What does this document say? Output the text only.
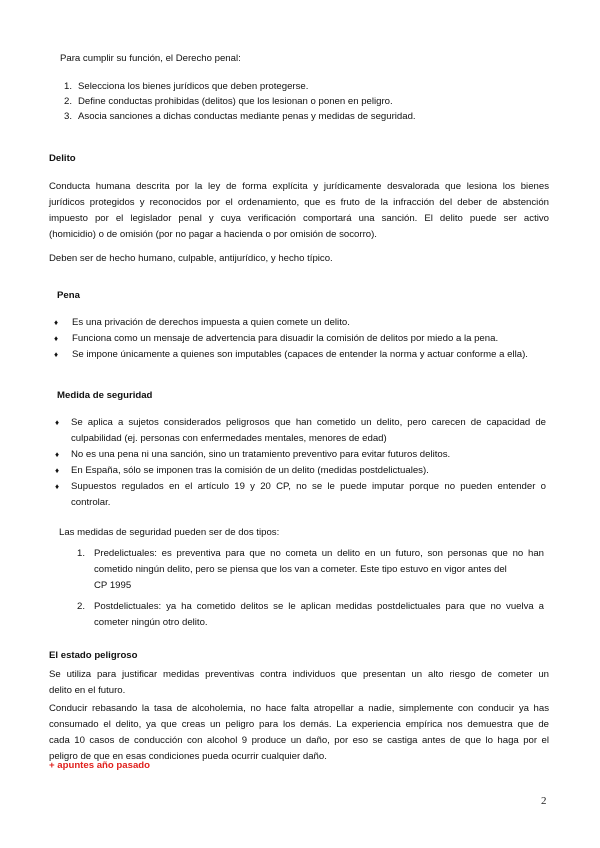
Para cumplir su función, el Derecho penal:
1. Selecciona los bienes jurídicos que deben protegerse.
2. Define conductas prohibidas (delitos) que los lesionan o ponen en peligro.
3. Asocia sanciones a dichas conductas mediante penas y medidas de seguridad.
Delito
Conducta humana descrita por la ley de forma explícita y jurídicamente desvalorada que lesiona los bienes
jurídicos protegidos y reconocidos por el ordenamiento, que es fruto de la infracción del deber de abstención
impuesto por el legislador penal y cuya verificación comportará una sanción. El delito puede ser activo
(homicidio) o de omisión (por no pagar a hacienda o por omisión de socorro).
Deben ser de hecho humano, culpable, antijurídico, y hecho típico.
Pena
♦ Es una privación de derechos impuesta a quien comete un delito.
♦ Funciona como un mensaje de advertencia para disuadir la comisión de delitos por miedo a la pena.
♦ Se impone únicamente a quienes son imputables (capaces de entender la norma y actuar conforme a ella).
Medida de seguridad
♦ Se aplica a sujetos considerados peligrosos que han cometido un delito, pero carecen de capacidad de
culpabilidad (ej. personas con enfermedades mentales, menores de edad)
♦ No es una pena ni una sanción, sino un tratamiento preventivo para evitar futuros delitos.
♦ En España, sólo se imponen tras la comisión de un delito (medidas postdelictuales).
♦ Supuestos regulados en el artículo 19 y 20 CP, no se le puede imputar porque no pueden entender o
controlar.
Las medidas de seguridad pueden ser de dos tipos:
1. Predelictuales: es preventiva para que no cometa un delito en un futuro, son personas que no han
cometido ningún delito, pero se piensa que los van a cometer. Este tipo estuvo en vigor antes del
CP 1995
2. Postdelictuales: ya ha cometido delitos se le aplican medidas postdelictuales para que no vuelva a
cometer ningún otro delito.
El estado peligroso
Se utiliza para justificar medidas preventivas contra individuos que presentan un alto riesgo de cometer un
delito en el futuro.
Conducir rebasando la tasa de alcoholemia, no hace falta atropellar a nadie, simplemente con conducir ya has
consumado el delito, ya que creas un peligro para los demás. La experiencia empírica nos demuestra que de
cada 10 casos de conducción con alcohol 9 produce un daño, por eso se castiga antes de que lo haga por el
peligro de que en esas condiciones pueda ocurrir cualquier daño.
+ apuntes año pasado
2
